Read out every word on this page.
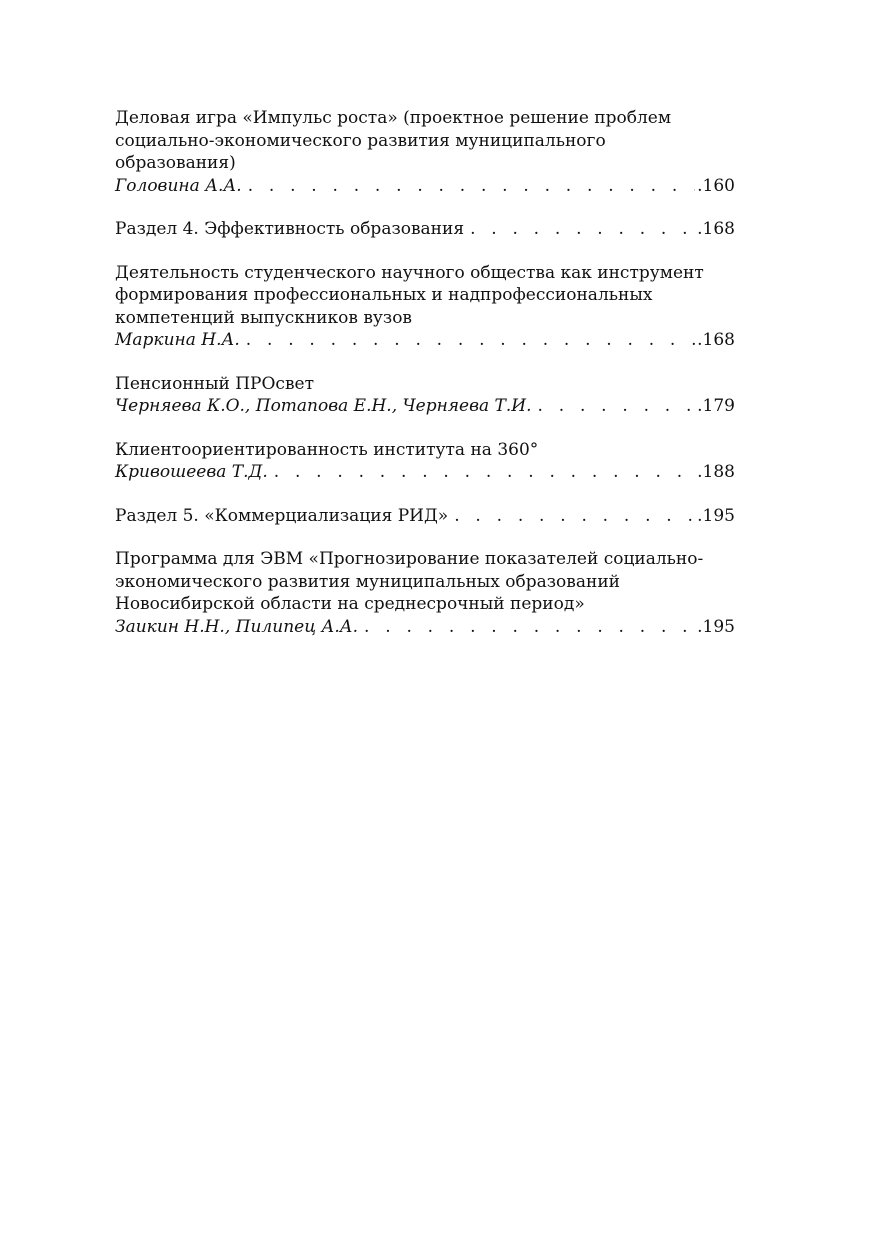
Деловая игра «Импульс роста» (проектное решение проблем
социально-экономического развития муниципального
образования)
Головина А.А. . . .	.160
Раздел 4. Эффективность образования . . .	.168
Деятельность студенческого научного общества как инструмент
формирования профессиональных и надпрофессиональных
компетенций выпускников вузов
Маркина Н.А. . . .	.168
Пенсионный ПРОсвет
Черняева К.О., Потапова Е.Н., Черняева Т.И. . . .	.179
Клиентоориентированность института на 360°
Кривошеева Т.Д. . . .	.188
Раздел 5. «Коммерциализация РИД» . . .	.195
Программа для ЭВМ «Прогнозирование показателей социально-
экономического развития муниципальных образований
Новосибирской области на среднесрочный период»
Заикин Н.Н., Пилипец А.А. . . .	.195
